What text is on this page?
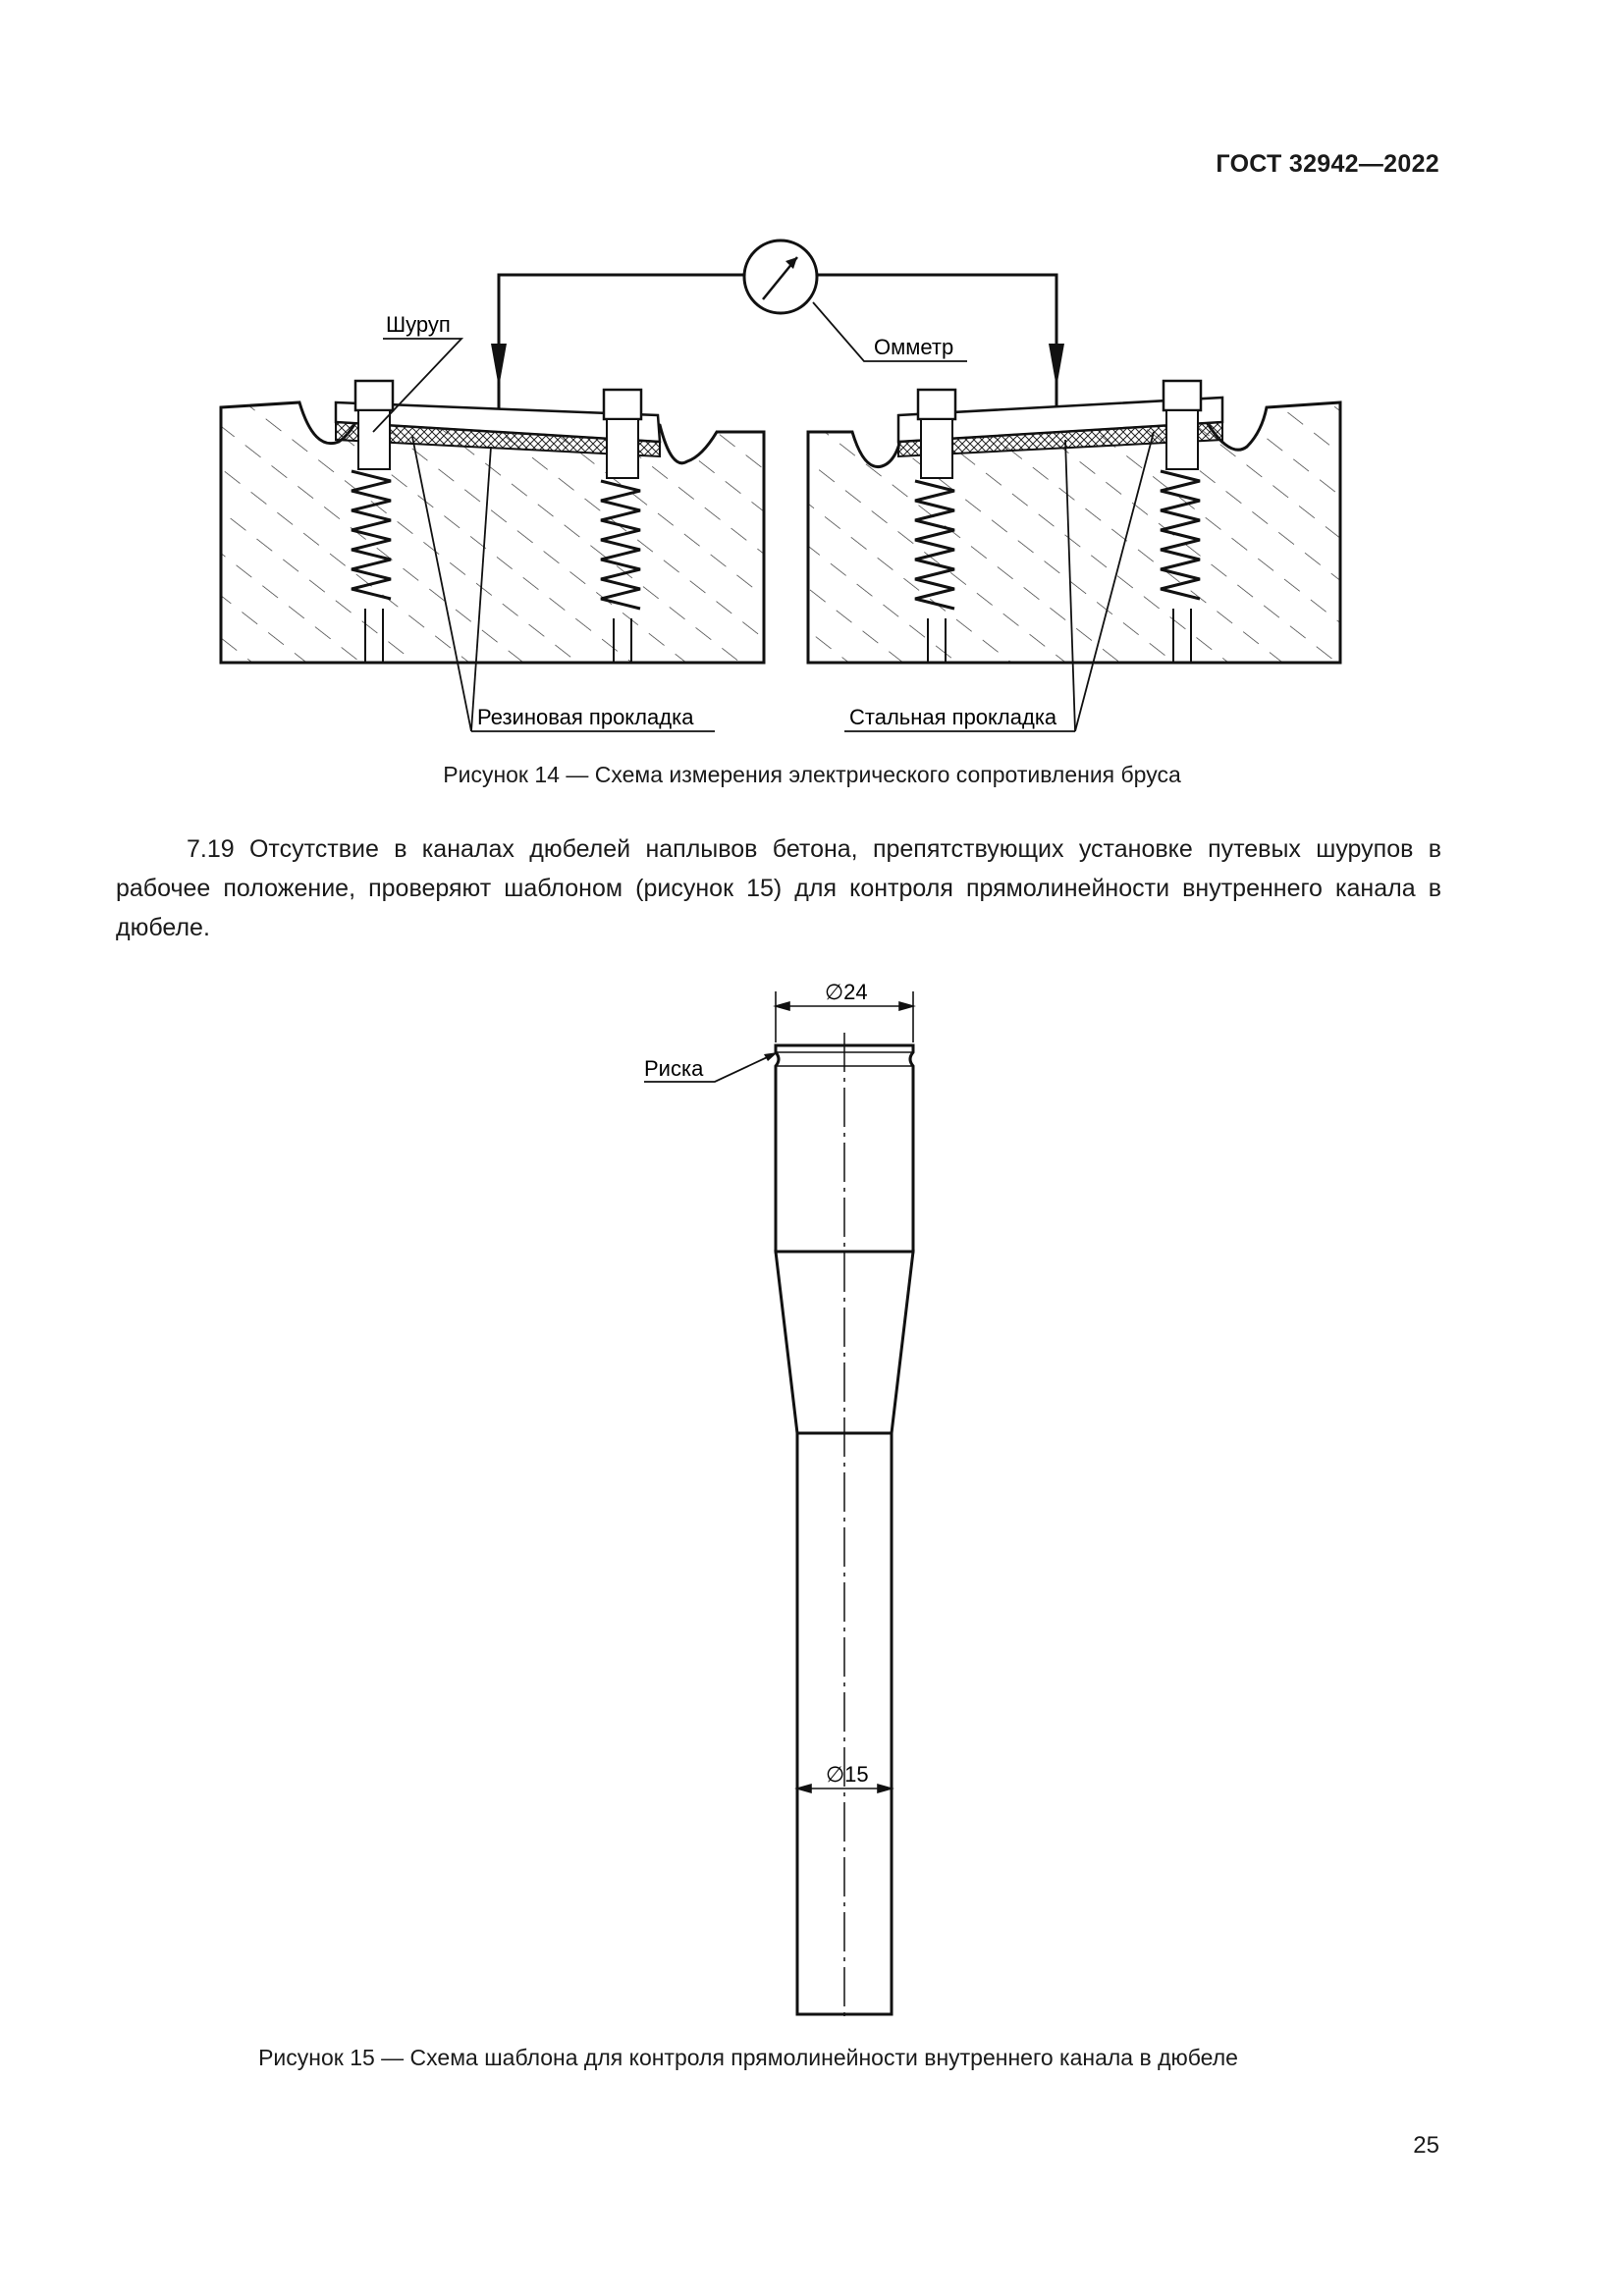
ГОСТ 32942—2022
Шуруп
Омметр
Резиновая прокладка	Стальная прокладка
Рисунок 14 — Схема измерения электрического сопротивления бруса
7.19 Отсутствие в каналах дюбелей наплывов бетона, препятствующих установке путевых шурупов в рабочее положение, проверяют шаблоном (рисунок 15) для контроля прямолинейности внутреннего канала в дюбеле.
∅24
∅15
Риска
Рисунок 15 — Схема шаблона для контроля прямолинейности внутреннего канала в дюбеле
25
